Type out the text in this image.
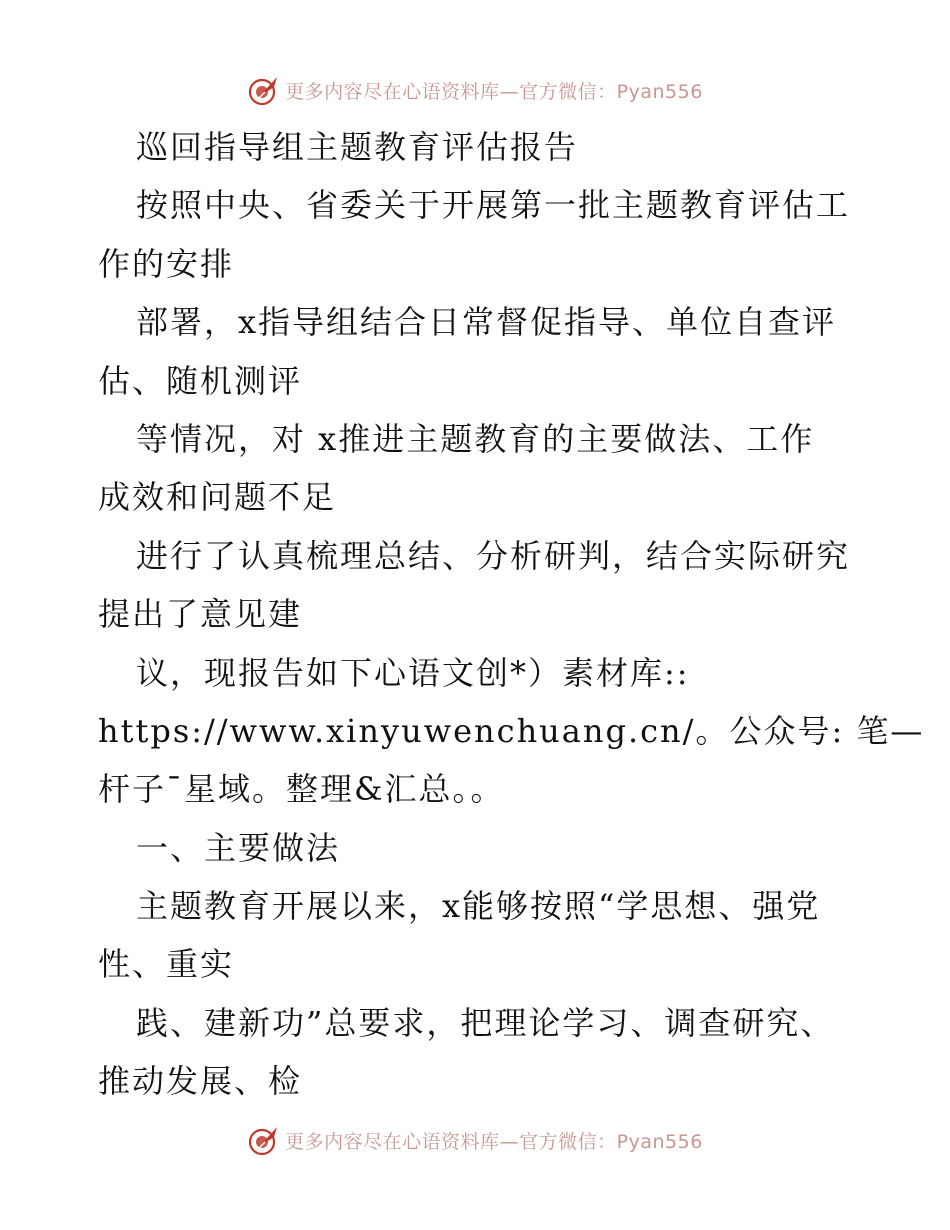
更多内容尽在心语资料库—官方微信：Pyan556
巡回指导组主题教育评估报告
按照中央、省委关于开展第一批主题教育评估工
作的安排
部署，x指导组结合日常督促指导、单位自查评
估、随机测评
等情况，对 x推进主题教育的主要做法、工作
成效和问题不足
进行了认真梳理总结、分析研判，结合实际研究
提出了意见建
议，现报告如下心语文创*）素材库::
https://www.xinyuwenchuang.cn/。公众号: 笔—
杆子¯星域。整理&汇总。。
一、主要做法
主题教育开展以来，x能够按照“学思想、强党
性、重实
践、建新功”总要求，把理论学习、调查研究、
推动发展、检
更多内容尽在心语资料库—官方微信：Pyan556
